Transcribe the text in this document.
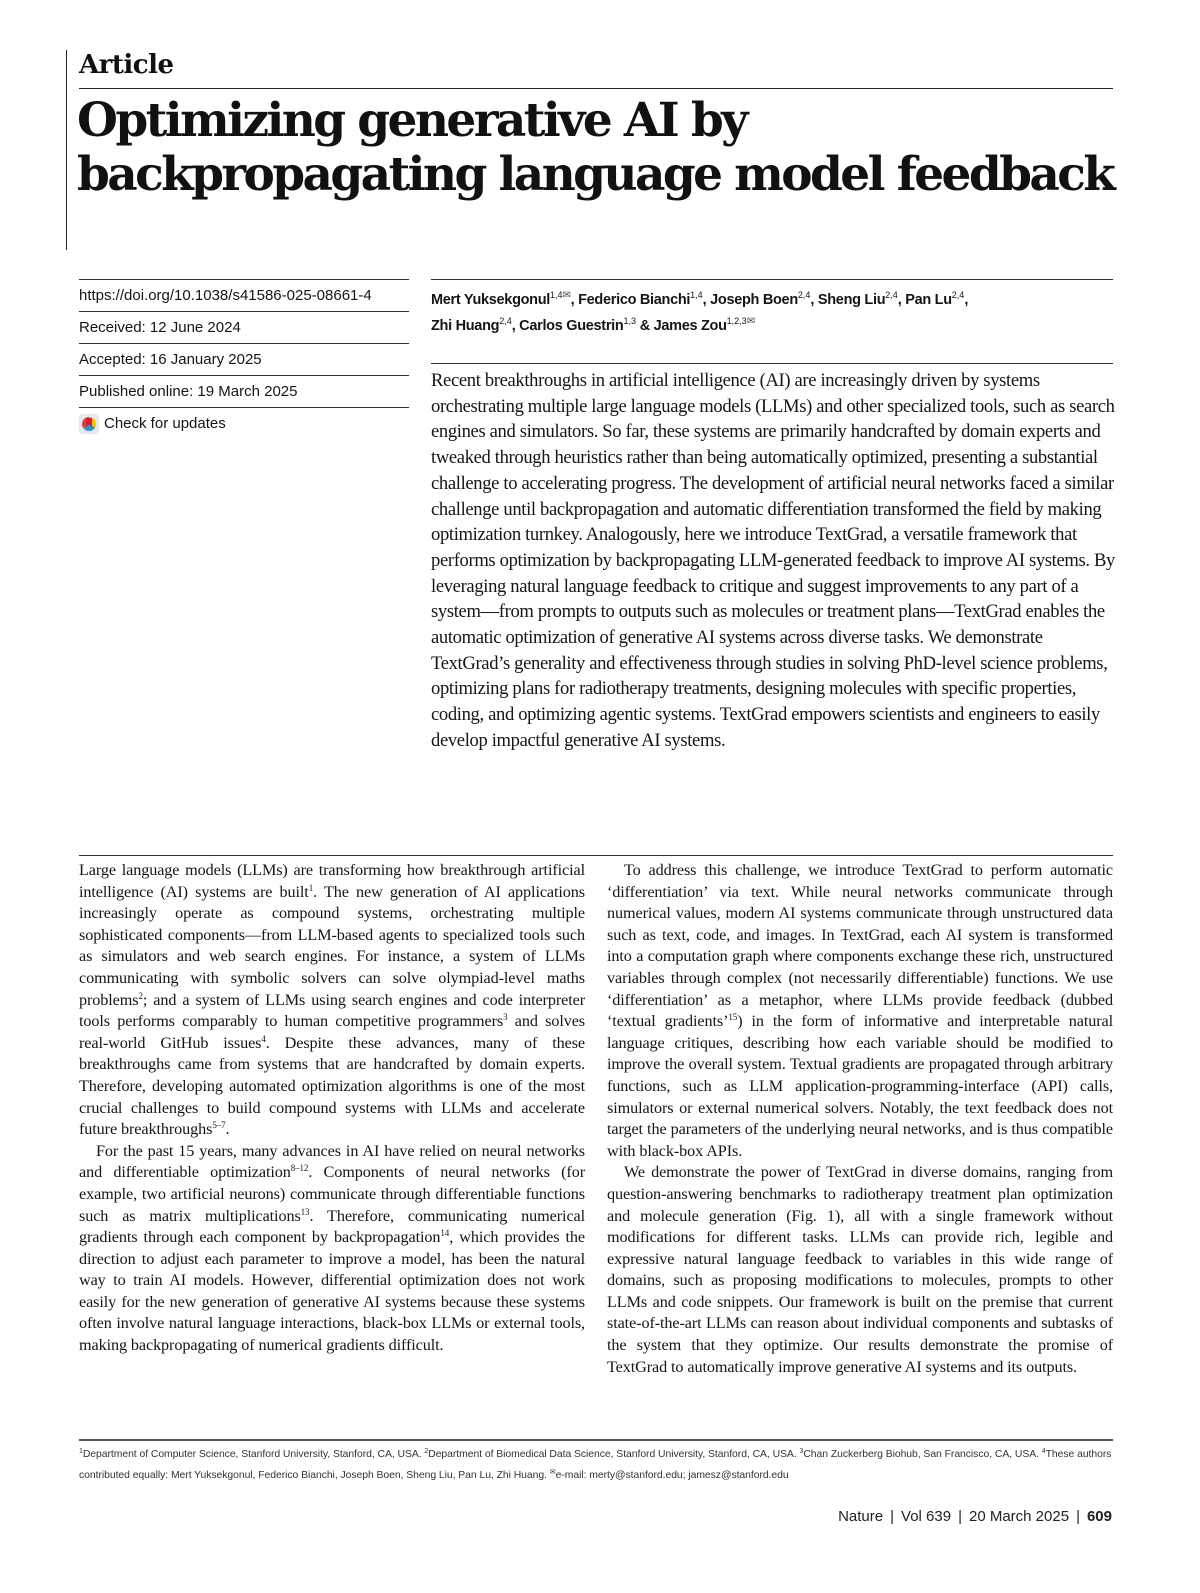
Article
Optimizing generative AI by backpropagating language model feedback
https://doi.org/10.1038/s41586-025-08661-4
Received: 12 June 2024
Accepted: 16 January 2025
Published online: 19 March 2025
Check for updates
Mert Yuksekgonul$^{1,4✉}$, Federico Bianchi$^{1,4}$, Joseph Boen$^{2,4}$, Sheng Liu$^{2,4}$, Pan Lu$^{2,4}$,
Zhi Huang$^{2,4}$, Carlos Guestrin$^{1,3}$ & James Zou$^{1,2,3✉}$

Recent breakthroughs in artificial intelligence (AI) are increasingly driven by systems orchestrating multiple large language models (LLMs) and other specialized tools, such as search engines and simulators. So far, these systems are primarily handcrafted by domain experts and tweaked through heuristics rather than being automatically optimized, presenting a substantial challenge to accelerating progress. The development of artificial neural networks faced a similar challenge until backpropagation and automatic differentiation transformed the field by making optimization turnkey. Analogously, here we introduce TextGrad, a versatile framework that performs optimization by backpropagating LLM-generated feedback to improve AI systems. By leveraging natural language feedback to critique and suggest improvements to any part of a system—from prompts to outputs such as molecules or treatment plans—TextGrad enables the automatic optimization of generative AI systems across diverse tasks. We demonstrate TextGrad’s generality and effectiveness through studies in solving PhD-level science problems, optimizing plans for radiotherapy treatments, designing molecules with specific properties, coding, and optimizing agentic systems. TextGrad empowers scientists and engineers to easily develop impactful generative AI systems.

Large language models (LLMs) are transforming how breakthrough artificial intelligence (AI) systems are built$^1$. The new generation of AI applications increasingly operate as compound systems, orchestrating multiple sophisticated components—from LLM-based agents to specialized tools such as simulators and web search engines. For instance, a system of LLMs communicating with symbolic solvers can solve olympiad-level maths problems$^2$; and a system of LLMs using search engines and code interpreter tools performs comparably to human competitive programmers$^3$ and solves real-world GitHub issues$^4$. Despite these advances, many of these breakthroughs came from systems that are handcrafted by domain experts. Therefore, developing automated optimization algorithms is one of the most crucial challenges to build compound systems with LLMs and accelerate future breakthroughs$^{5-7}$.

For the past 15 years, many advances in AI have relied on neural networks and differentiable optimization$^{8-12}$. Components of neural networks (for example, two artificial neurons) communicate through differentiable functions such as matrix multiplications$^{13}$. Therefore, communicating numerical gradients through each component by backpropagation$^{14}$, which provides the direction to adjust each parameter to improve a model, has been the natural way to train AI models. However, differential optimization does not work easily for the new generation of generative AI systems because these systems often involve natural language interactions, black-box LLMs or external tools, making backpropagating of numerical gradients difficult.

To address this challenge, we introduce TextGrad to perform automatic ‘differentiation’ via text. While neural networks communicate through numerical values, modern AI systems communicate through unstructured data such as text, code, and images. In TextGrad, each AI system is transformed into a computation graph where components exchange these rich, unstructured variables through complex (not necessarily differentiable) functions. We use ‘differentiation’ as a metaphor, where LLMs provide feedback (dubbed ‘textual gradients’$^{15}$) in the form of informative and interpretable natural language critiques, describing how each variable should be modified to improve the overall system. Textual gradients are propagated through arbitrary functions, such as LLM application-programming-interface (API) calls, simulators or external numerical solvers. Notably, the text feedback does not target the parameters of the underlying neural networks, and is thus compatible with black-box APIs.

We demonstrate the power of TextGrad in diverse domains, ranging from question-answering benchmarks to radiotherapy treatment plan optimization and molecule generation (Fig. 1), all with a single framework without modifications for different tasks. LLMs can provide rich, legible and expressive natural language feedback to variables in this wide range of domains, such as proposing modifications to molecules, prompts to other LLMs and code snippets. Our framework is built on the premise that current state-of-the-art LLMs can reason about individual components and subtasks of the system that they optimize. Our results demonstrate the promise of TextGrad to automatically improve generative AI systems and its outputs.

$^1$Department of Computer Science, Stanford University, Stanford, CA, USA. $^2$Department of Biomedical Data Science, Stanford University, Stanford, CA, USA. $^3$Chan Zuckerberg Biohub, San Francisco, CA, USA. $^4$These authors contributed equally: Mert Yuksekgonul, Federico Bianchi, Joseph Boen, Sheng Liu, Pan Lu, Zhi Huang. ✉e-mail: merty@stanford.edu; jamesz@stanford.edu
Nature | Vol 639 | 20 March 2025 | 609
